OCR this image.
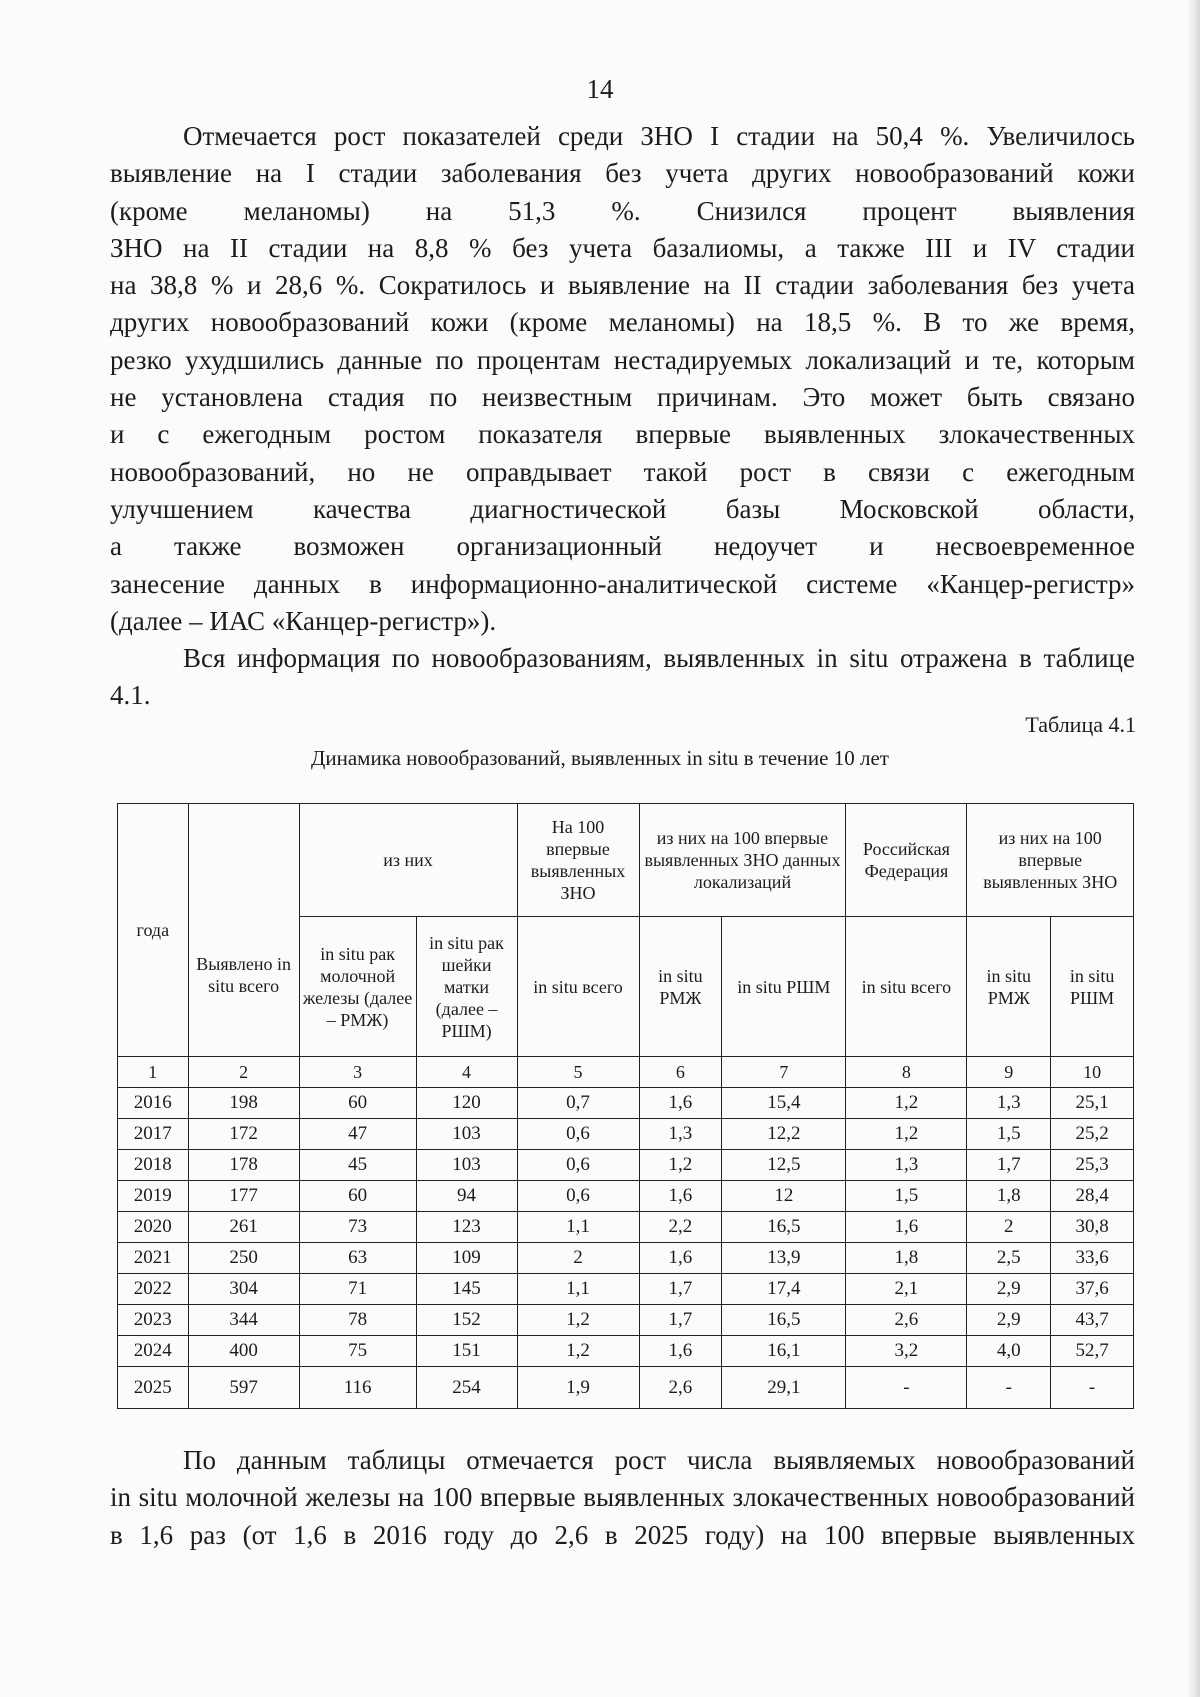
14
Отмечается рост показателей среди ЗНО I стадии на 50,4 %. Увеличилось
выявление на I стадии заболевания без учета других новообразований кожи
(кроме меланомы) на 51,3 %. Снизился процент выявления
ЗНО на II стадии на 8,8 % без учета базалиомы, а также III и IV стадии
на 38,8 % и 28,6 %. Сократилось и выявление на II стадии заболевания без учета
других новообразований кожи (кроме меланомы) на 18,5 %. В то же время,
резко ухудшились данные по процентам нестадируемых локализаций и те, которым
не установлена стадия по неизвестным причинам. Это может быть связано
и с ежегодным ростом показателя впервые выявленных злокачественных
новообразований, но не оправдывает такой рост в связи с ежегодным
улучшением качества диагностической базы Московской области,
а также возможен организационный недоучет и несвоевременное
занесение данных в информационно-аналитической системе «Канцер-регистр»
(далее – ИАС «Канцер-регистр»).
Вся информация по новообразованиям, выявленных in situ отражена в таблице 4.1.
Таблица 4.1
Динамика новообразований, выявленных in situ в течение 10 лет
года	Выявлено in situ всего	из них		На 100 впервые выявленных ЗНО	из них на 100 впервые выявленных ЗНО данных локализаций		Российская Федерация	из них на 100 впервые выявленных ЗНО	
		in situ рак молочной железы (далее – РМЖ)	in situ рак шейки матки (далее – РШМ)	in situ всего	in situ РМЖ	in situ РШМ	in situ всего	in situ РМЖ	in situ РШМ
1	2	3	4	5	6	7	8	9	10
2016	198	60	120	0,7	1,6	15,4	1,2	1,3	25,1
2017	172	47	103	0,6	1,3	12,2	1,2	1,5	25,2
2018	178	45	103	0,6	1,2	12,5	1,3	1,7	25,3
2019	177	60	94	0,6	1,6	12	1,5	1,8	28,4
2020	261	73	123	1,1	2,2	16,5	1,6	2	30,8
2021	250	63	109	2	1,6	13,9	1,8	2,5	33,6
2022	304	71	145	1,1	1,7	17,4	2,1	2,9	37,6
2023	344	78	152	1,2	1,7	16,5	2,6	2,9	43,7
2024	400	75	151	1,2	1,6	16,1	3,2	4,0	52,7
2025	597	116	254	1,9	2,6	29,1	-	-	-
По данным таблицы отмечается рост числа выявляемых новообразований
in situ молочной железы на 100 впервые выявленных злокачественных новообразований
в 1,6 раз (от 1,6 в 2016 году до 2,6 в 2025 году) на 100 впервые выявленных
